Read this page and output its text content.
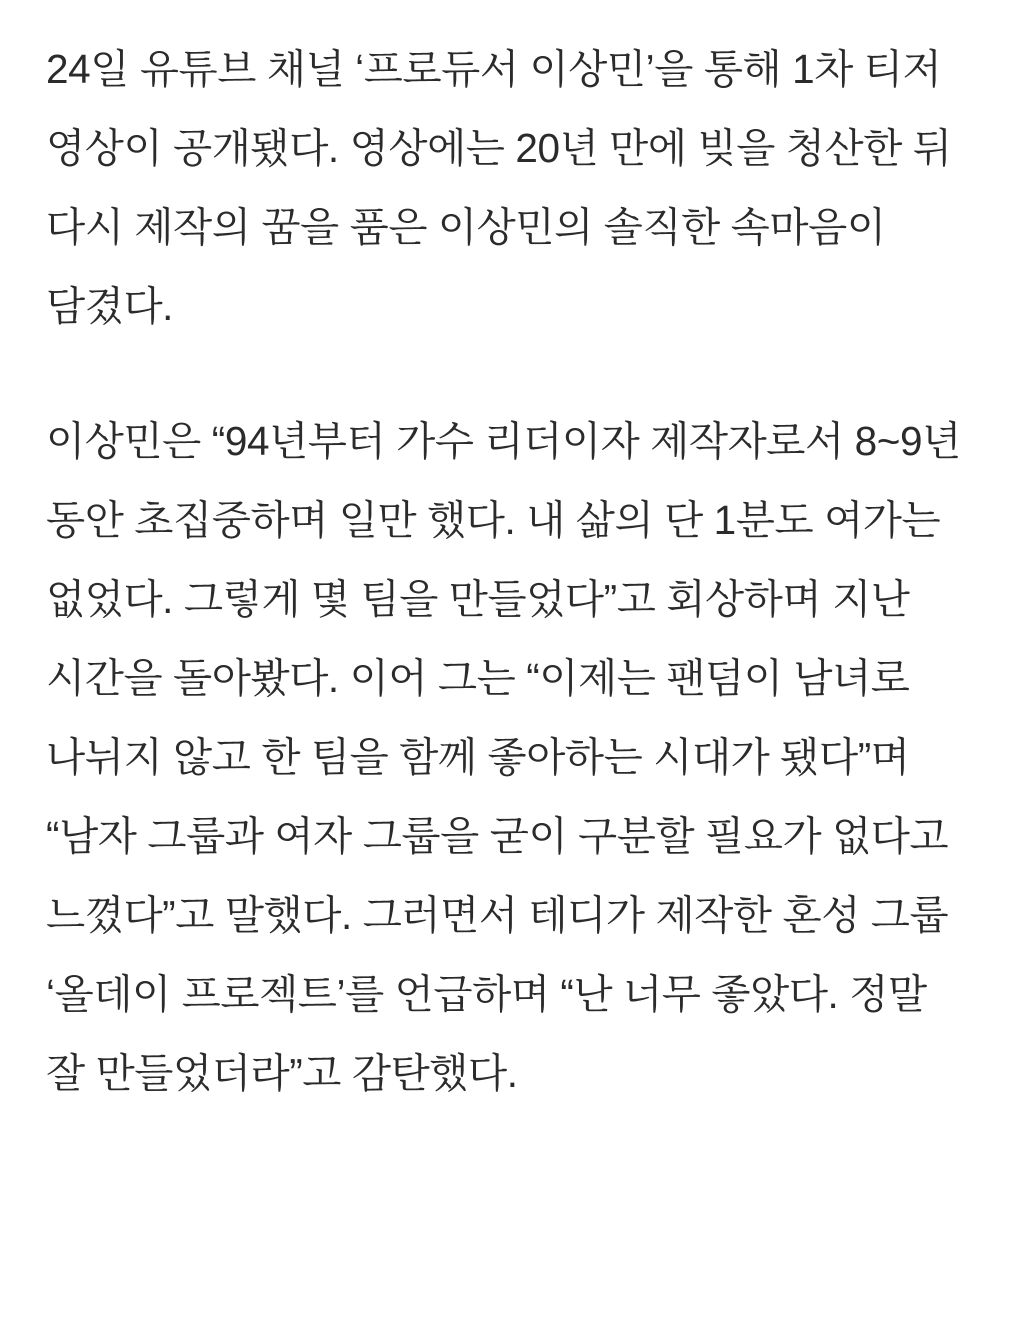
24일 유튜브 채널 ‘프로듀서 이상민’을 통해 1차 티저 영상이 공개됐다. 영상에는 20년 만에 빚을 청산한 뒤 다시 제작의 꿈을 품은 이상민의 솔직한 속마음이 담겼다.

이상민은 “94년부터 가수 리더이자 제작자로서 8~9년 동안 초집중하며 일만 했다. 내 삶의 단 1분도 여가는 없었다. 그렇게 몇 팀을 만들었다”고 회상하며 지난 시간을 돌아봤다. 이어 그는 “이제는 팬덤이 남녀로 나뉘지 않고 한 팀을 함께 좋아하는 시대가 됐다”며 “남자 그룹과 여자 그룹을 굳이 구분할 필요가 없다고 느꼈다”고 말했다. 그러면서 테디가 제작한 혼성 그룹 ‘올데이 프로젝트’를 언급하며 “난 너무 좋았다. 정말 잘 만들었더라”고 감탄했다.
